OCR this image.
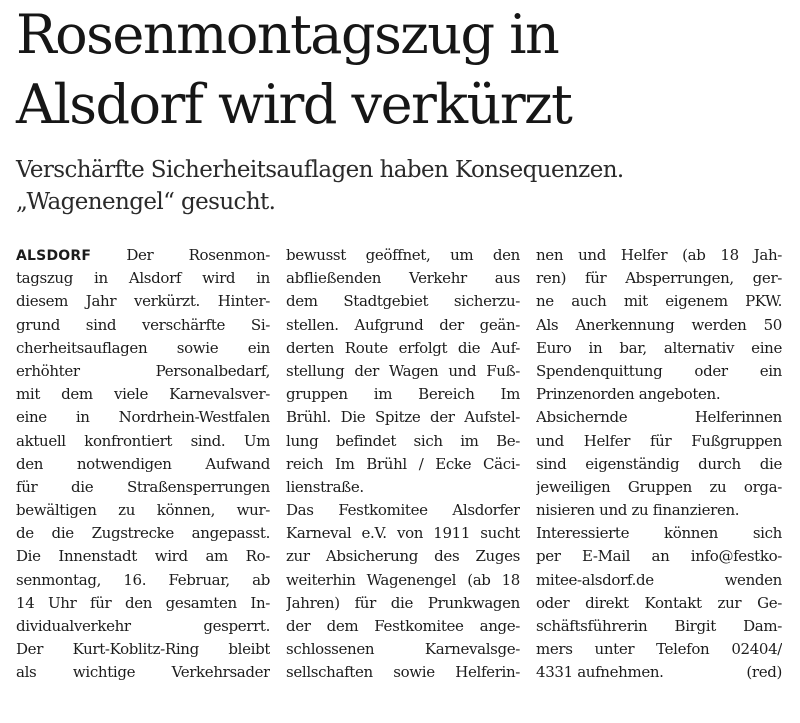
Rosenmontagszug in
Alsdorf wird verkürzt
Verschärfte Sicherheitsauflagen haben Konsequenzen.
„Wagenengel“ gesucht.
ALSDORF Der Rosenmon-
tagszug in Alsdorf wird in
diesem Jahr verkürzt. Hinter-
grund sind verschärfte Si-
cherheitsauflagen sowie ein
erhöhter Personalbedarf,
mit dem viele Karnevalsver-
eine in Nordrhein-Westfalen
aktuell konfrontiert sind. Um
den notwendigen Aufwand
für die Straßensperrungen
bewältigen zu können, wur-
de die Zugstrecke angepasst.
Die Innenstadt wird am Ro-
senmontag, 16. Februar, ab
14 Uhr für den gesamten In-
dividualverkehr gesperrt.
Der Kurt-Koblitz-Ring bleibt
als wichtige Verkehrsader
bewusst geöffnet, um den
abfließenden Verkehr aus
dem Stadtgebiet sicherzu-
stellen. Aufgrund der geän-
derten Route erfolgt die Auf-
stellung der Wagen und Fuß-
gruppen im Bereich Im
Brühl. Die Spitze der Aufstel-
lung befindet sich im Be-
reich Im Brühl / Ecke Cäci-
lienstraße.
Das Festkomitee Alsdorfer
Karneval e.V. von 1911 sucht
zur Absicherung des Zuges
weiterhin Wagenengel (ab 18
Jahren) für die Prunkwagen
der dem Festkomitee ange-
schlossenen Karnevalsge-
sellschaften sowie Helferin-
nen und Helfer (ab 18 Jah-
ren) für Absperrungen, ger-
ne auch mit eigenem PKW.
Als Anerkennung werden 50
Euro in bar, alternativ eine
Spendenquittung oder ein
Prinzenorden angeboten.
Absichernde Helferinnen
und Helfer für Fußgruppen
sind eigenständig durch die
jeweiligen Gruppen zu orga-
nisieren und zu finanzieren.
Interessierte können sich
per E-Mail an info@festko-
mitee-alsdorf.de wenden
oder direkt Kontakt zur Ge-
schäftsführerin Birgit Dam-
mers unter Telefon 02404/
4331 aufnehmen.	(red)
